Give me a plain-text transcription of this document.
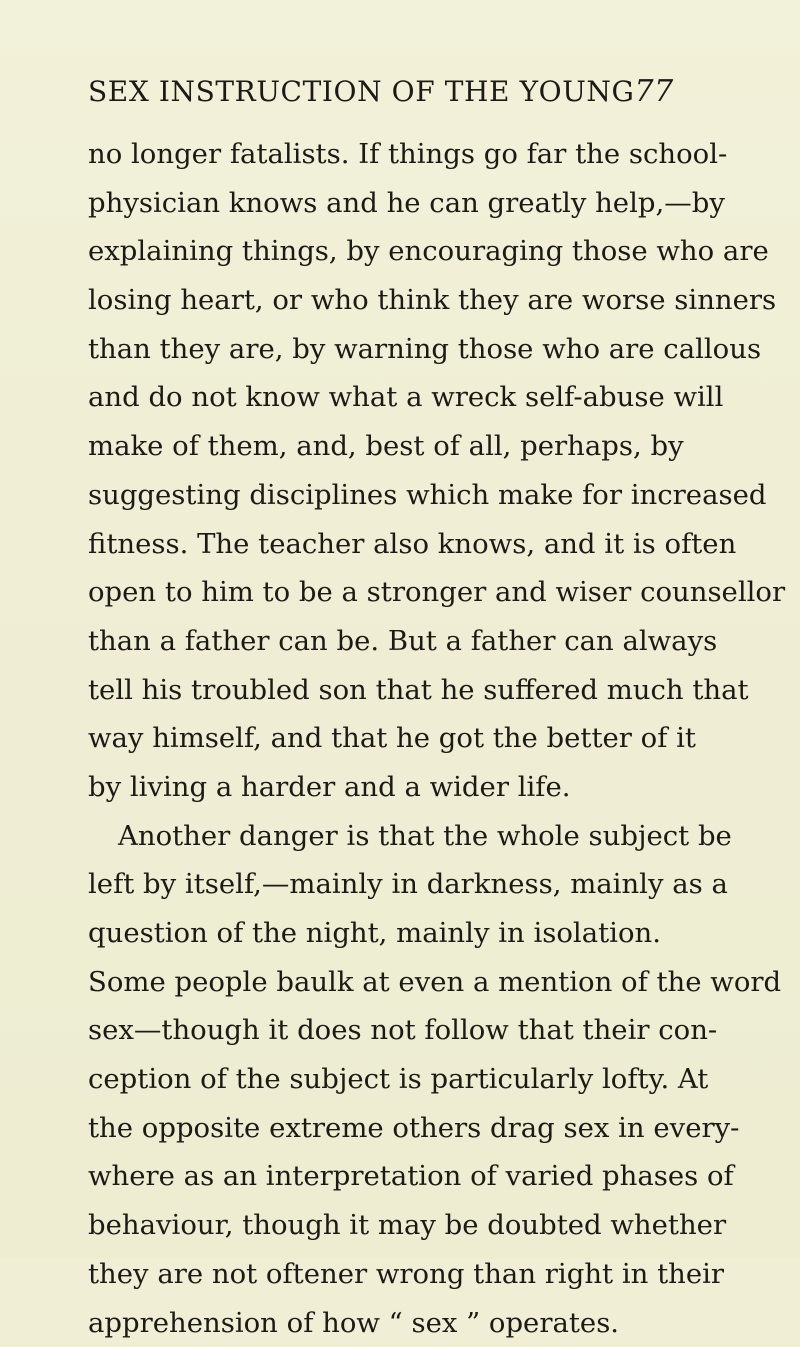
SEX INSTRUCTION OF THE YOUNG 77
no longer fatalists. If things go far the school-
physician knows and he can greatly help,—by
explaining things, by encouraging those who are
losing heart, or who think they are worse sinners
than they are, by warning those who are callous
and do not know what a wreck self-abuse will
make of them, and, best of all, perhaps, by
suggesting disciplines which make for increased
fitness. The teacher also knows, and it is often
open to him to be a stronger and wiser counsellor
than a father can be. But a father can always
tell his troubled son that he suffered much that
way himself, and that he got the better of it
by living a harder and a wider life.
Another danger is that the whole subject be
left by itself,—mainly in darkness, mainly as a
question of the night, mainly in isolation.
Some people baulk at even a mention of the word
sex—though it does not follow that their con-
ception of the subject is particularly lofty. At
the opposite extreme others drag sex in every-
where as an interpretation of varied phases of
behaviour, though it may be doubted whether
they are not oftener wrong than right in their
apprehension of how “ sex ” operates.
